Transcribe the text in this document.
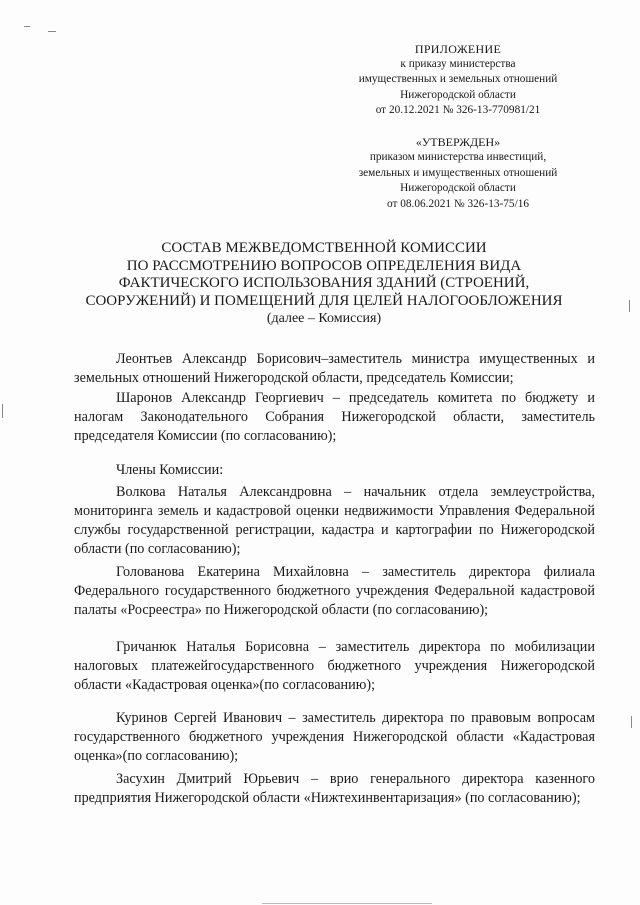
ПРИЛОЖЕНИЕ
к приказу министерства
имущественных и земельных отношений
Нижегородской области
от 20.12.2021 № 326-13-770981/21
«УТВЕРЖДЕН»
приказом министерства инвестиций,
земельных и имущественных отношений
Нижегородской области
от 08.06.2021 № 326-13-75/16
СОСТАВ МЕЖВЕДОМСТВЕННОЙ КОМИССИИ
ПО РАССМОТРЕНИЮ ВОПРОСОВ ОПРЕДЕЛЕНИЯ ВИДА
ФАКТИЧЕСКОГО ИСПОЛЬЗОВАНИЯ ЗДАНИЙ (СТРОЕНИЙ,
СООРУЖЕНИЙ) И ПОМЕЩЕНИЙ ДЛЯ ЦЕЛЕЙ НАЛОГООБЛОЖЕНИЯ
(далее – Комиссия)

Леонтьев Александр Борисович–заместитель министра имущественных и земельных отношений Нижегородской области, председатель Комиссии;

Шаронов Александр Георгиевич – председатель комитета по бюджету и налогам Законодательного Собрания Нижегородской области, заместитель председателя Комиссии (по согласованию);

Члены Комиссии:

Волкова Наталья Александровна – начальник отдела землеустройства, мониторинга земель и кадастровой оценки недвижимости Управления Федеральной службы государственной регистрации, кадастра и картографии по Нижегородской области (по согласованию);

Голованова Екатерина Михайловна – заместитель директора филиала Федерального государственного бюджетного учреждения Федеральной кадастровой палаты «Росреестра» по Нижегородской области (по согласованию);

Гричанюк Наталья Борисовна – заместитель директора по мобилизации налоговых платежейгосударственного бюджетного учреждения Нижегородской области «Кадастровая оценка»(по согласованию);

Куринов Сергей Иванович – заместитель директора по правовым вопросам государственного бюджетного учреждения Нижегородской области «Кадастровая оценка»(по согласованию);

Засухин Дмитрий Юрьевич – врио генерального директора казенного предприятия Нижегородской области «Нижтехинвентаризация» (по согласованию);
